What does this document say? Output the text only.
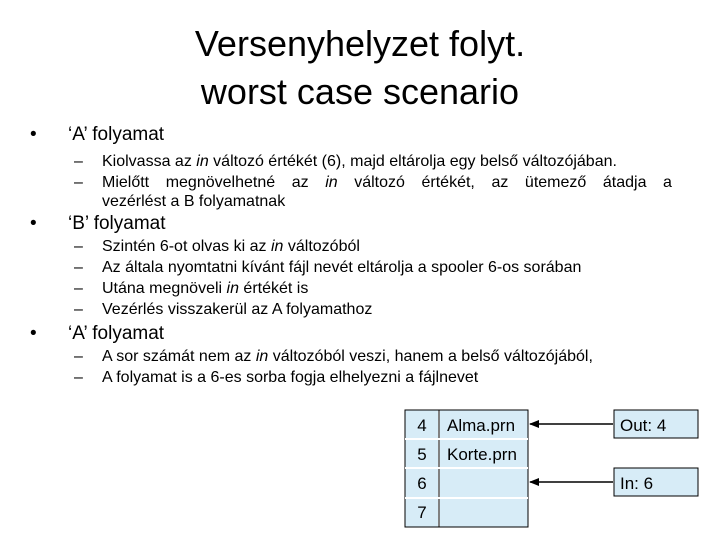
Versenyhelyzet folyt.
worst case scenario
• ‘A’ folyamat
– Kiolvassa az in változó értékét (6), majd eltárolja egy belső változójában.
– Mielőtt megnövelhetné az in változó értékét, az ütemező átadja a
vezérlést a B folyamatnak
• ‘B’ folyamat
– Szintén 6-ot olvas ki az in változóból
– Az általa nyomtatni kívánt fájl nevét eltárolja a spooler 6-os sorában
– Utána megnöveli in értékét is
– Vezérlés visszakerül az A folyamathoz
• ‘A’ folyamat
– A sor számát nem az in változóból veszi, hanem a belső változójából,
– A folyamat is a 6-es sorba fogja elhelyezni a fájlnevet
4
5
6
7
Alma.prn
Korte.prn
Out: 4
In: 6
